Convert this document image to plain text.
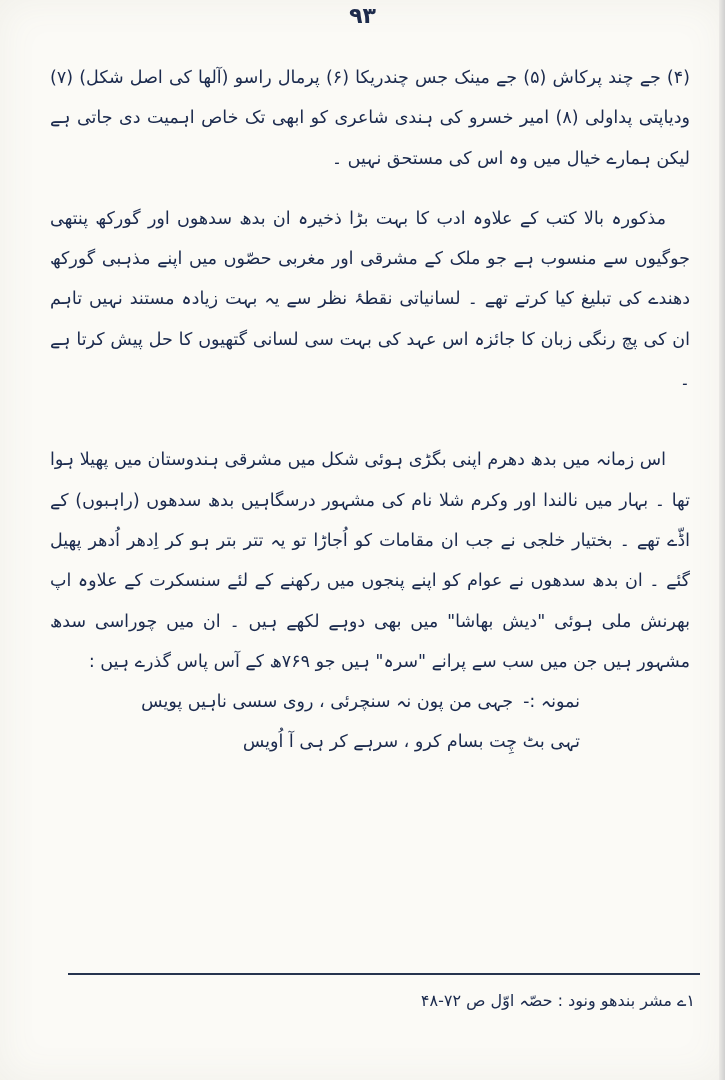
٩٣

(۴) جے چند پرکاش (۵) جے مینک جس چندریکا (۶) پرمال راسو (آلھا کی اصل شکل) (۷) ودیاپتی پداولی (۸) امیر خسرو کی ہندی شاعری کو ابھی تک خاص اہمیت دی جاتی ہے لیکن ہمارے خیال میں وہ اس کی مستحق نہیں ۔

مذکورہ بالا کتب کے علاوہ ادب کا بہت بڑا ذخیرہ ان بدھ سدھوں اور گورکھ پنتھی جوگیوں سے منسوب ہے جو ملک کے مشرقی اور مغربی حصّوں میں اپنے مذہبی گورکھ دھندے کی تبلیغ کیا کرتے تھے ۔ لسانیاتی نقطۂ نظر سے یہ بہت زیادہ مستند نہیں تاہم ان کی پچ رنگی زبان کا جائزہ اس عہد کی بہت سی لسانی گتھیوں کا حل پیش کرتا ہے ۔

اس زمانہ میں بدھ دھرم اپنی بگڑی ہوئی شکل میں مشرقی ہندوستان میں پھیلا ہوا تھا ۔ بہار میں نالندا اور وکرم شلا نام کی مشہور درسگاہیں بدھ سدھوں (راہبوں) کے اڈّے تھے ۔ بختیار خلجی نے جب ان مقامات کو اُجاڑا تو یہ تتر بتر ہو کر اِدھر اُدھر پھیل گئے ۔ ان بدھ سدھوں نے عوام کو اپنے پنجوں میں رکھنے کے لئے سنسکرت کے علاوہ اپ بھرنش ملی ہوئی "دیش بھاشا" میں بھی دوہے لکھے ہیں ۔ ان میں چوراسی سدھ مشہور ہیں جن میں سب سے پرانے "سرہ" ہیں جو ۷۶۹ھ کے آس پاس گذرے ہیں :

نمونہ :-جہی من پون نہ سنچرئی ، روی سسی ناہیں پویس

تہی بٹ چِت بسام کرو ، سرہے کر ہی آ اُویس

۱ے مشر بندھو ونود : حصّہ اوّل ص ۷۲-۴۸
